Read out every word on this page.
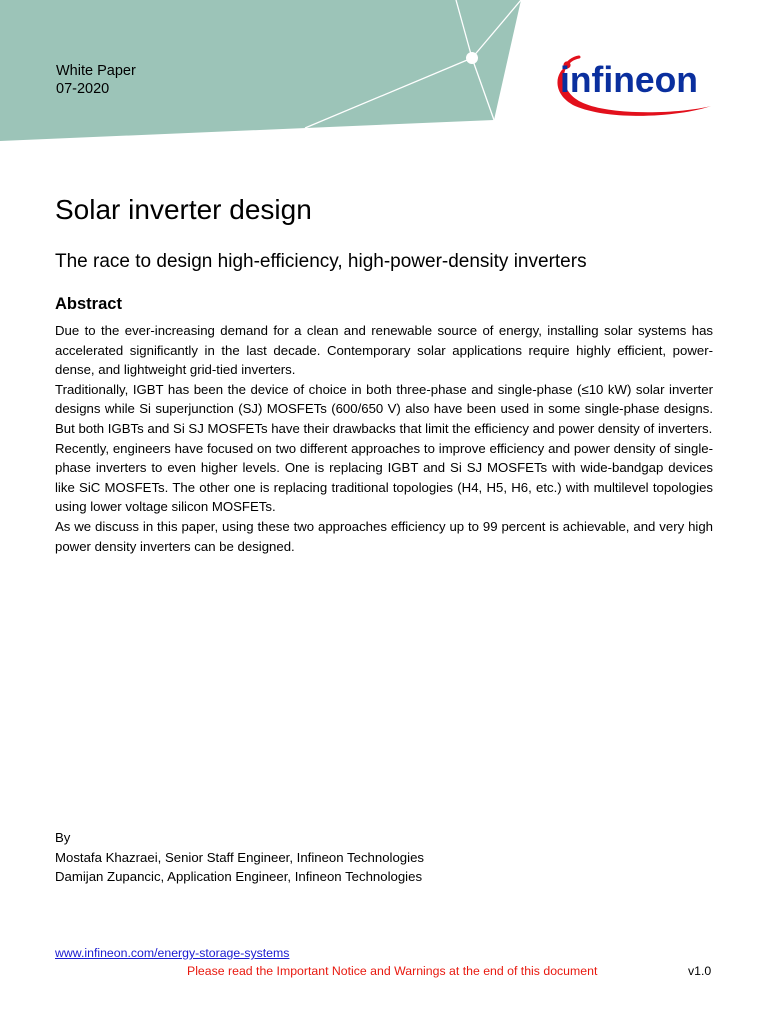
White Paper
07-2020	infineon
Solar inverter design
The race to design high-efficiency, high-power-density inverters
Abstract

Due to the ever-increasing demand for a clean and renewable source of energy, installing solar systems has accelerated significantly in the last decade. Contemporary solar applications require highly efficient, power-dense, and lightweight grid-tied inverters.

Traditionally, IGBT has been the device of choice in both three-phase and single-phase (≤10 kW) solar inverter designs while Si superjunction (SJ) MOSFETs (600/650 V) also have been used in some single-phase designs. But both IGBTs and Si SJ MOSFETs have their drawbacks that limit the efficiency and power density of inverters.

Recently, engineers have focused on two different approaches to improve efficiency and power density of single-phase inverters to even higher levels. One is replacing IGBT and Si SJ MOSFETs with wide-bandgap devices like SiC MOSFETs. The other one is replacing traditional topologies (H4, H5, H6, etc.) with multilevel topologies using lower voltage silicon MOSFETs.

As we discuss in this paper, using these two approaches efficiency up to 99 percent is achievable, and very high power density inverters can be designed.

By
Mostafa Khazraei, Senior Staff Engineer, Infineon Technologies
Damijan Zupancic, Application Engineer, Infineon Technologies
www.infineon.com/energy-storage-systems
Please read the Important Notice and Warnings at the end of this document	v1.0
